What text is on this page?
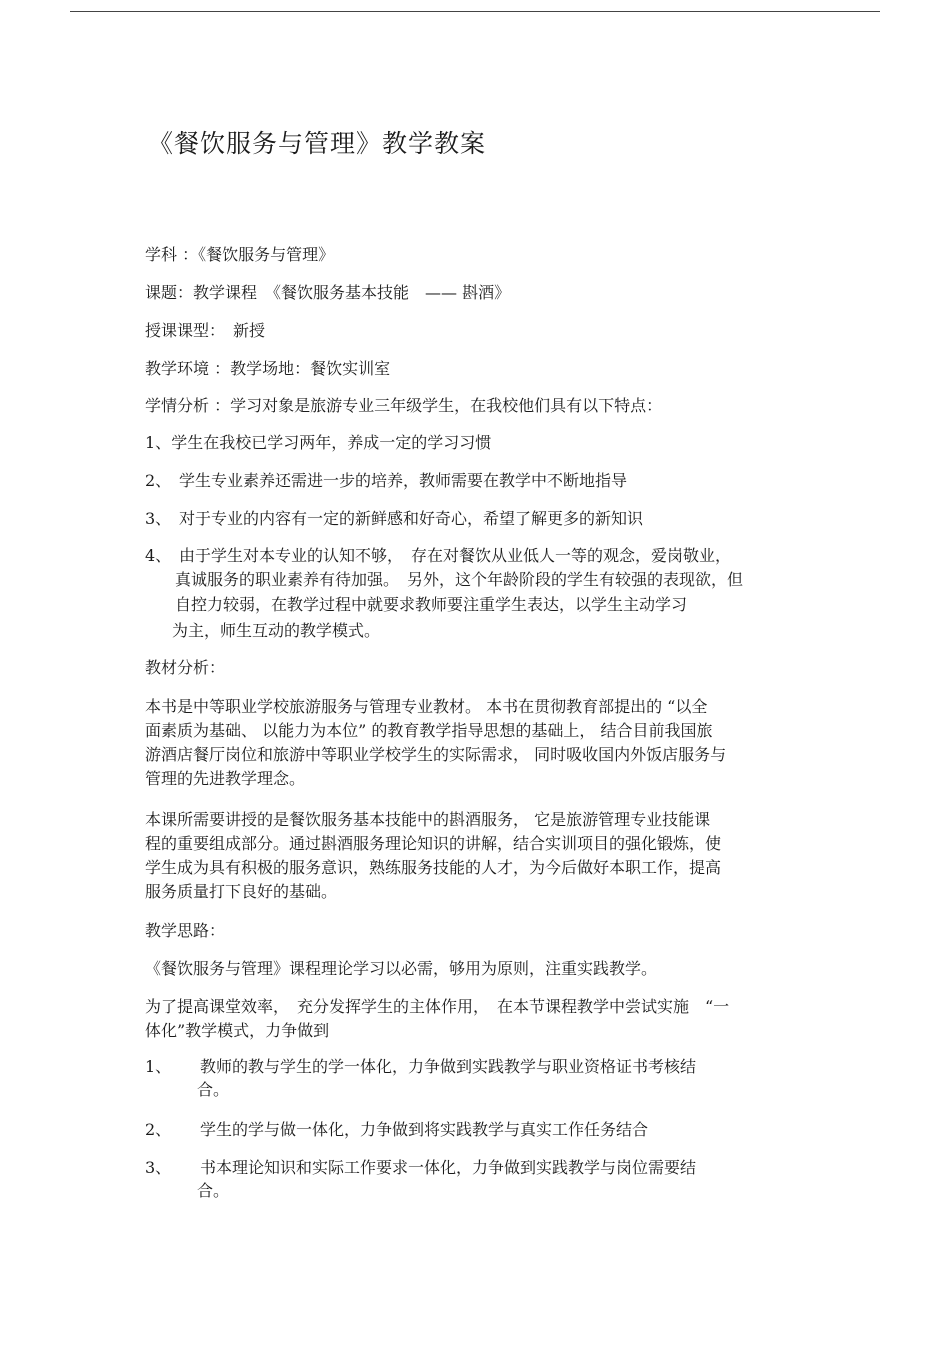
《餐饮服务与管理》教学教案
学科 ：《餐饮服务与管理》
课题：教学课程　《餐饮服务基本技能　—— 斟酒》
授课课型：　新授
教学环境 ：教学场地：餐饮实训室
学情分析 ：学习对象是旅游专业三年级学生，在我校他们具有以下特点：
1、学生在我校已学习两年，养成一定的学习习惯
2、 学生专业素养还需进一步的培养，教师需要在教学中不断地指导
3、 对于专业的内容有一定的新鲜感和好奇心，希望了解更多的新知识
4、 由于学生对本专业的认知不够，　存在对餐饮从业低人一等的观念，爱岗敬业，
真诚服务的职业素养有待加强。　另外，这个年龄阶段的学生有较强的表现欲，但
自控力较弱，在教学过程中就要求教师要注重学生表达，以学生主动学习
为主，师生互动的教学模式。
教材分析：
本书是中等职业学校旅游服务与管理专业教材。 本书在贯彻教育部提出的 “以全
面素质为基础、 以能力为本位” 的教育教学指导思想的基础上， 结合目前我国旅
游酒店餐厅岗位和旅游中等职业学校学生的实际需求， 同时吸收国内外饭店服务与
管理的先进教学理念。
本课所需要讲授的是餐饮服务基本技能中的斟酒服务， 它是旅游管理专业技能课
程的重要组成部分。通过斟酒服务理论知识的讲解，结合实训项目的强化锻炼，使
学生成为具有积极的服务意识，熟练服务技能的人才，为今后做好本职工作，提高
服务质量打下良好的基础。
教学思路：
《餐饮服务与管理》课程理论学习以必需，够用为原则，注重实践教学。
为了提高课堂效率，　充分发挥学生的主体作用，　在本节课程教学中尝试实施　“一
体化”教学模式，力争做到
1、 教师的教与学生的学一体化，力争做到实践教学与职业资格证书考核结
合。
2、 学生的学与做一体化，力争做到将实践教学与真实工作任务结合
3、 书本理论知识和实际工作要求一体化，力争做到实践教学与岗位需要结
合。
